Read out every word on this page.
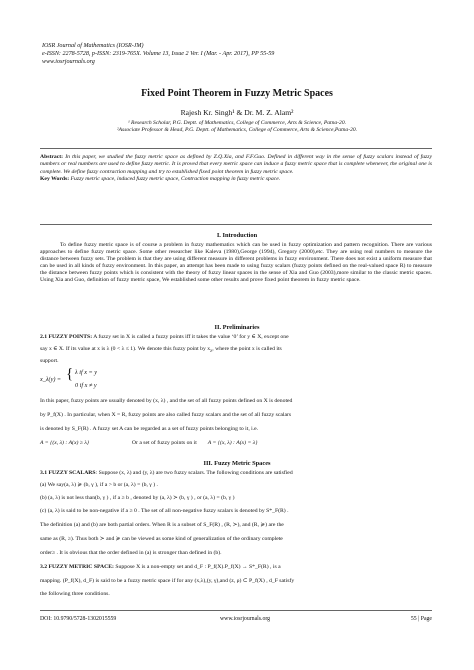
IOSR Journal of Mathematics (IOSR-JM)
e-ISSN: 2278-5728, p-ISSN: 2319-765X. Volume 13, Issue 2 Ver. I (Mar. - Apr. 2017), PP 55-59
www.iosrjournals.org
Fixed Point Theorem in Fuzzy Metric Spaces
Rajesh Kr. Singh¹ & Dr. M. Z. Alam²
¹ Research Scholar, P.G. Deptt. of Mathematics, College of Commerce, Arts & Science, Patna-20.
²Associate Professor & Head, P.G. Deptt. of Mathematics, College of Commerce, Arts & Science,Patna-20.
Abstract: In this paper, we studied the fuzzy metric space as defined by Z.Q.Xia, and F.F.Guo. Defined in different way in the sense of fuzzy scalars instead of fuzzy numbers or real numbers are used to define fuzzy metric. It is proved that every metric space can induce a fuzzy metric space that is complete whenever, the original one is complete. We define fuzzy contraction mapping and try to established fixed point theorem in fuzzy metric space.
Key Words: Fuzzy metric space, induced fuzzy metric space, Contraction mapping in fuzzy metric space.
I. Introduction
To define fuzzy metric space is of course a problem in fuzzy mathematics which can be used in fuzzy optimization and pattern recognition. There are various approaches to define fuzzy metric space. Some other researcher like Kaleva (1980),George (1994), Gregory (2000),etc. They are using real numbers to measure the distance between fuzzy sets. The problem is that they are using different measure in different problems in fuzzy environment. There does not exist a uniform measure that can be used in all kinds of fuzzy environment. In this paper, an attempt has been made to using fuzzy scalars (fuzzy points defined on the real-valued space R) to measure the distance between fuzzy points which is consistent with the theory of fuzzy linear spaces in the sense of Xia and Guo (2003),more similar to the classic metric spaces. Using Xia and Guo, definition of fuzzy metric space, We established some other results and prove fixed point theorem in fuzzy metric space.
II. Preliminaries
2.1 FUZZY POINTS: A fuzzy set in X is called a fuzzy points iff it takes the value ‘0’ for y ∈ X, except one
say x ∈ X. If its value at x is λ (0 < λ ≤ 1). We denote this fuzzy point by $x_\lambda$, where the point x is called its
support.
x_λ(y) = { λ if x = y
0 if x ≠ y
In this paper, fuzzy points are usually denoted by (x, λ) , and the set of all fuzzy points defined on X is denoted
by P_f(X) . In particular, when X = R, fuzzy points are also called fuzzy scalars and the set of all fuzzy scalars
is denoted by S_F(R) . A fuzzy set A can be regarded as a set of fuzzy points belonging to it, i.e.
A = {(x, λ) : A(x) ≥ λ}	Or a set of fuzzy points on it A = {(x, λ) : A(x) = λ}
III. Fuzzy Metric Spaces
3.1 FUZZY SCALARS: Suppose (x, λ) and (y, λ) are two fuzzy scalars. The following conditions are satisfied
(a) We say(a, λ) ≽ (b, γ ), if a > b or (a, λ) = (b, γ ) .
(b) (a, λ) is not less than(b, γ ) , if a ≥ b , denoted by (a, λ) ≻ (b, γ ) , or (a, λ) = (b, γ )
(c) (a, λ) is said to be non-negative if a ≥ 0 . The set of all non-negative fuzzy scalars is denoted by S*_F(R) .
The definition (a) and (b) are both partial orders. When R is a subset of S_F(R) , (R, ≻), and (R, ≽) are the
same as (R, ≥). Thus both ≻ and ≽ can be viewed as some kind of generalization of the ordinary complete
order≥ . It is obvious that the order defined in (a) is stronger than defined in (b).
3.2 FUZZY METRIC SPACE: Suppose X is a non-empty set and d_F : P_f(X).P_f(X) → S*_F(R) , is a
mapping. (P_f(X), d_F) is said to be a fuzzy metric space if for any (x,λ),(y, γ),and (z, ρ) ⊂ P_f(X) , d_F satisfy
the following three conditions.
DOI: 10.9790/5728-1302015559	www.iosrjournals.org	55 | Page
